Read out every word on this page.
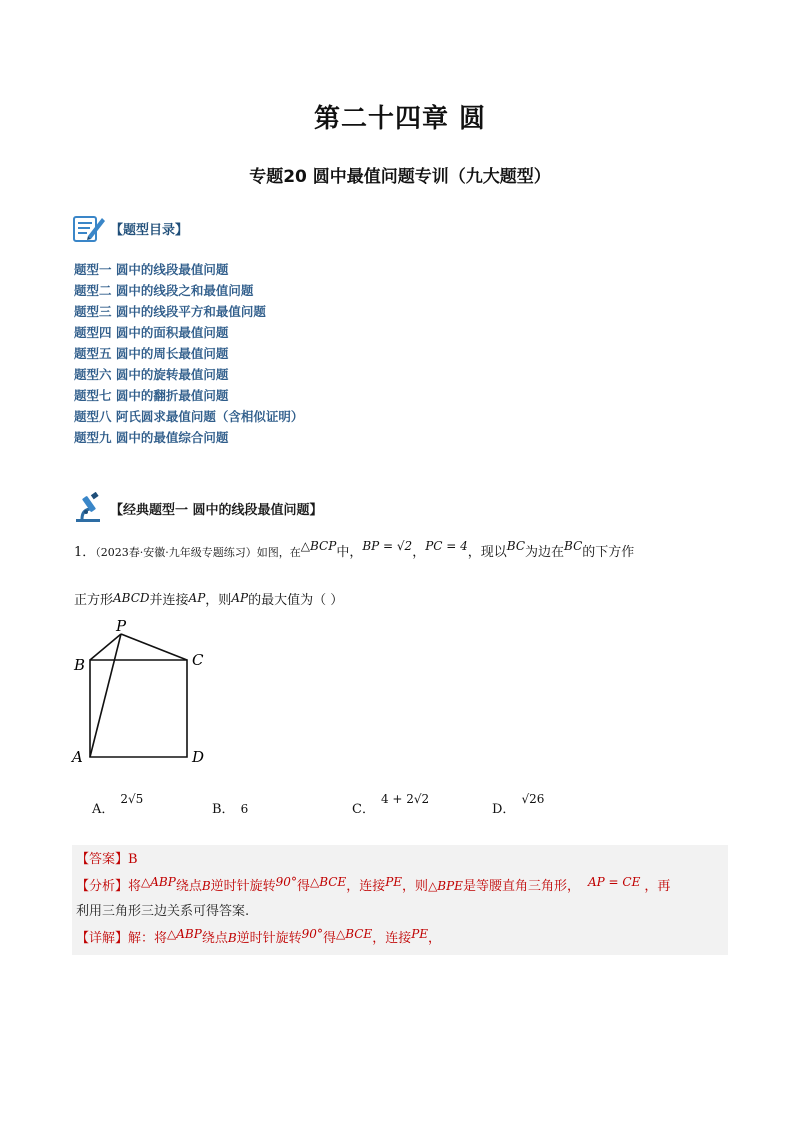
第二十四章 圆
专题20 圆中最值问题专训（九大题型）
【题型目录】
题型一 圆中的线段最值问题
题型二 圆中的线段之和最值问题
题型三 圆中的线段平方和最值问题
题型四 圆中的面积最值问题
题型五 圆中的周长最值问题
题型六 圆中的旋转最值问题
题型七 圆中的翻折最值问题
题型八 阿氏圆求最值问题（含相似证明）
题型九 圆中的最值综合问题
【经典题型一 圆中的线段最值问题】
1．（2023春·安徽·九年级专题练习）如图，在△BCP中，BP = √2，PC = 4，现以BC为边在BC的下方作
正方形ABCD并连接AP，则AP的最大值为（ ）
P
B	C
A	D
A．2√5
B． 6	C．4 + 2√2
D．√26
【答案】B
【分析】将△ABP绕点B逆时针旋转90°得△BCE，连接PE，则△BPE是等腰直角三角形， AP = CE ，再
利用三角形三边关系可得答案.
【详解】解：将△ABP绕点B逆时针旋转90°得△BCE，连接PE，
